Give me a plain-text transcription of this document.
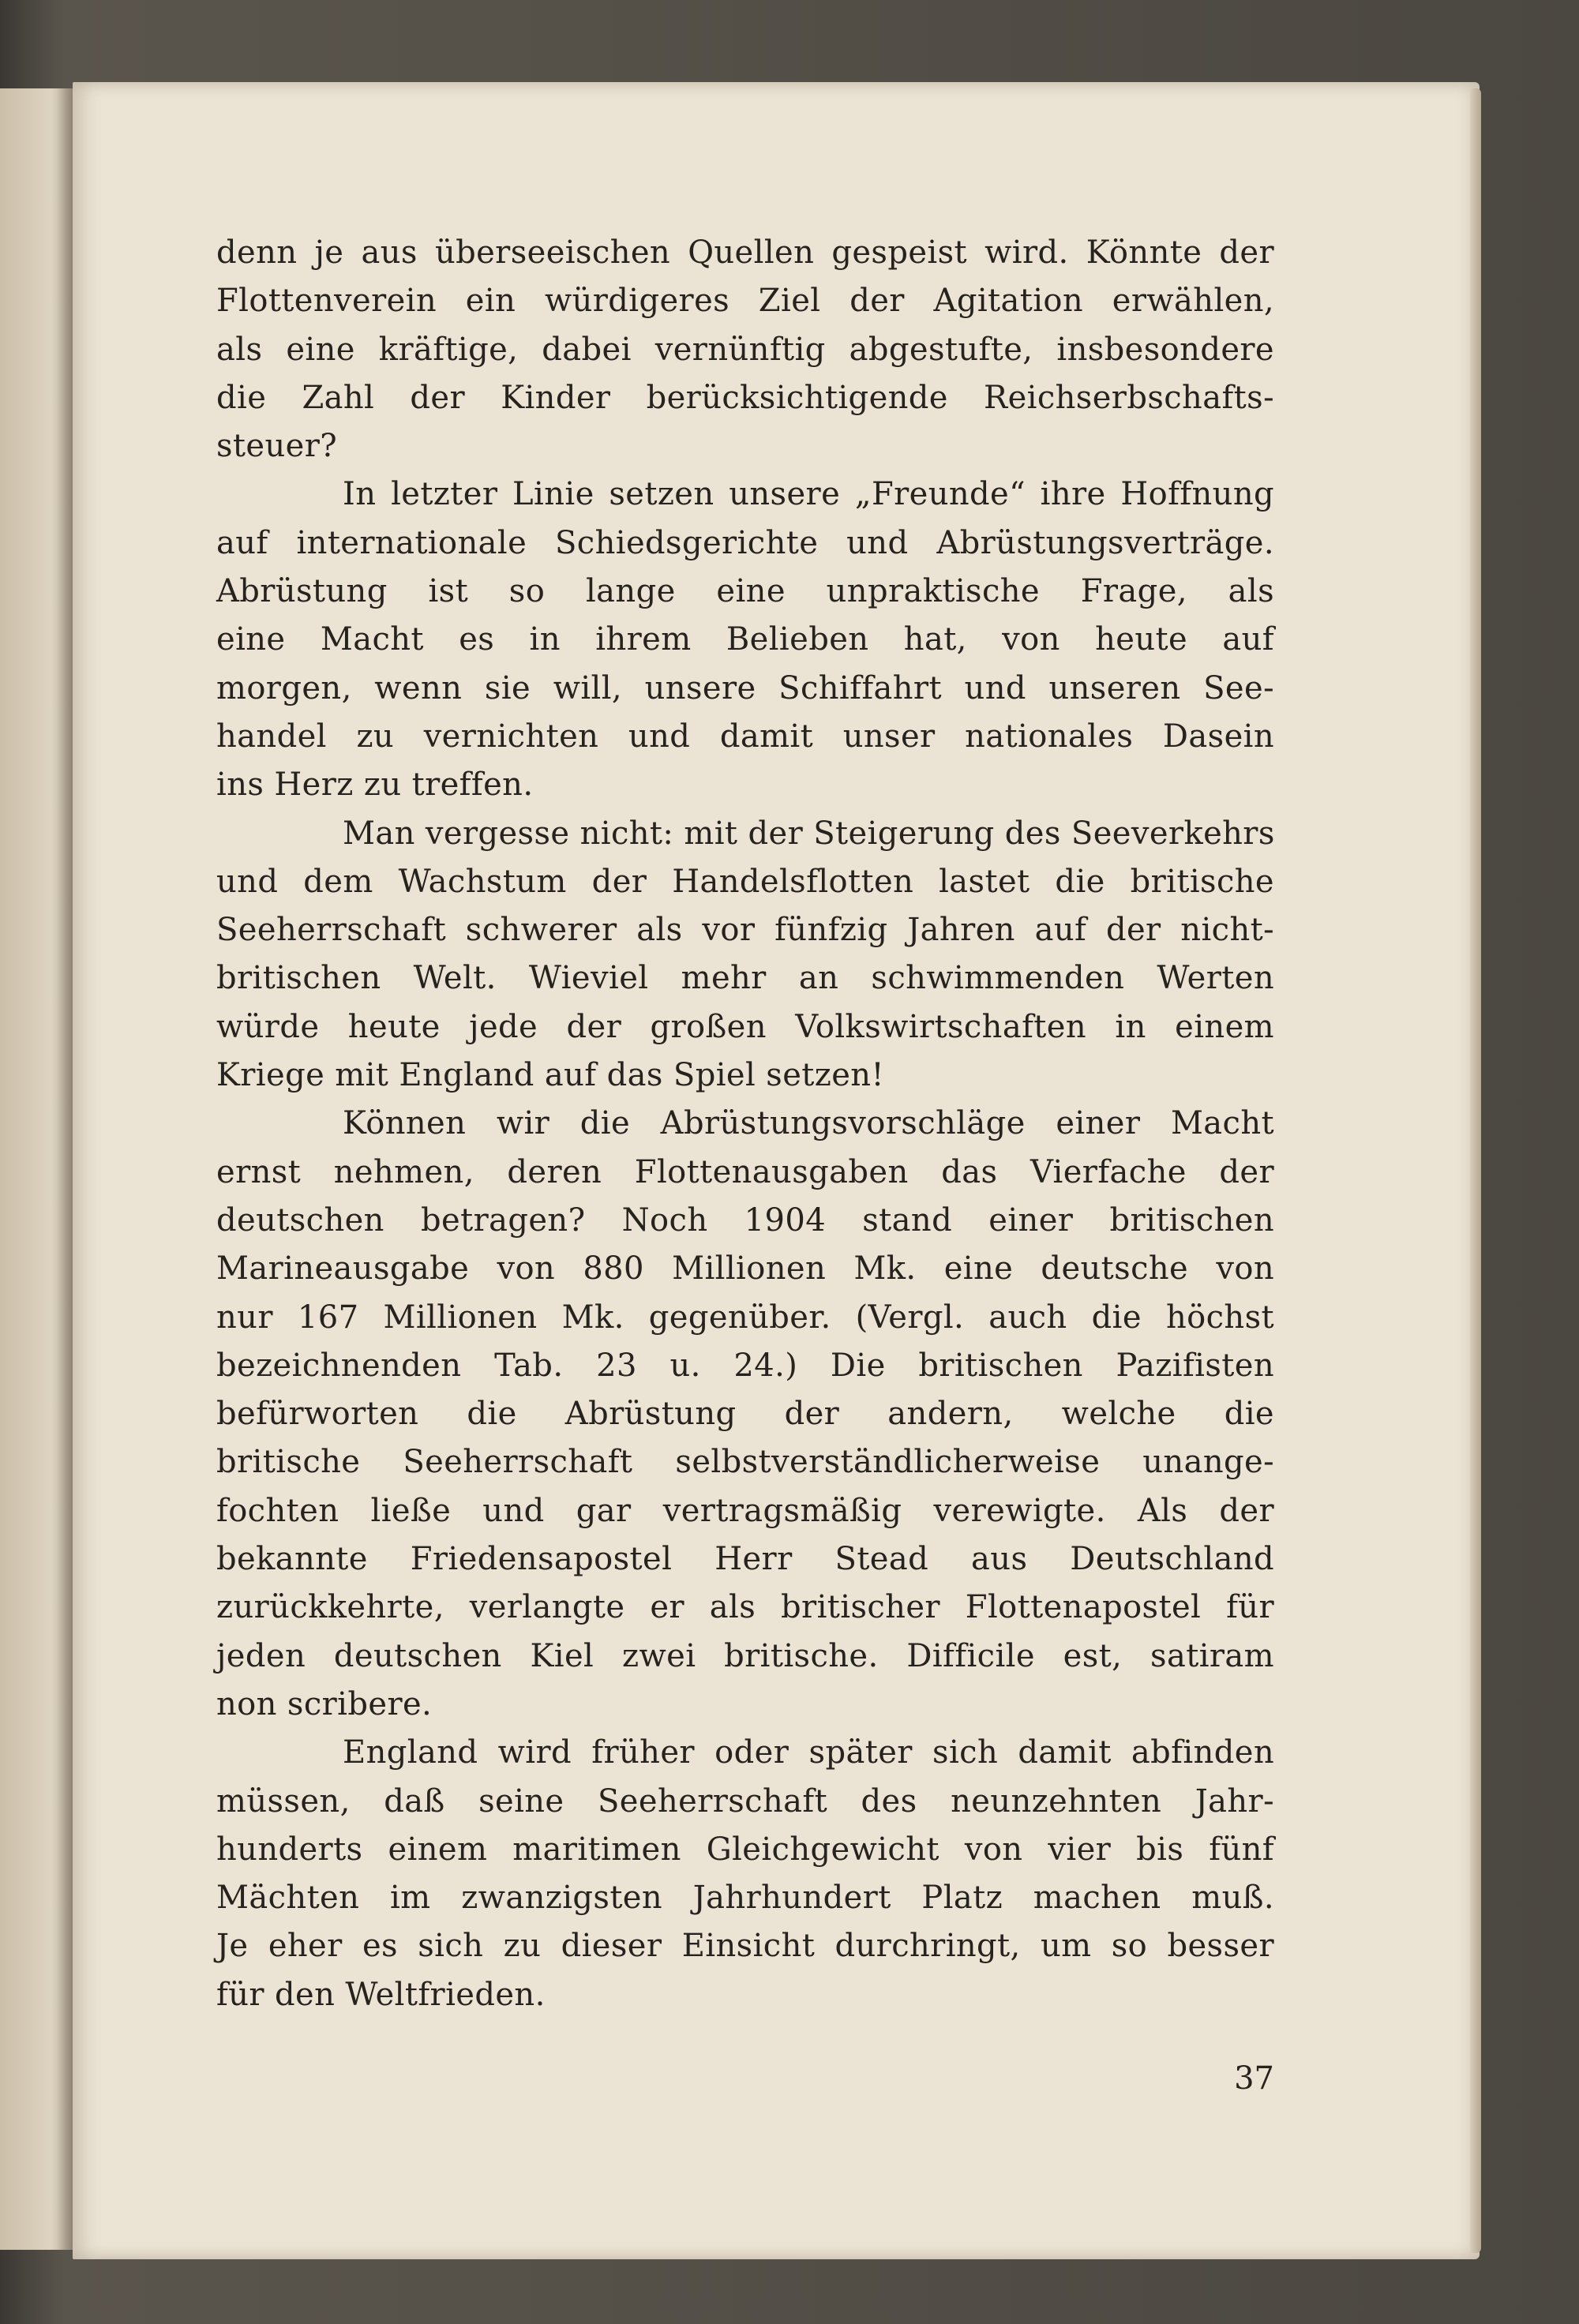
denn je aus überseeischen Quellen gespeist wird. Könnte der
Flottenverein ein würdigeres Ziel der Agitation erwählen,
als eine kräftige, dabei vernünftig abgestufte, insbesondere
die Zahl der Kinder berücksichtigende Reichserbschafts-
steuer?
In letzter Linie setzen unsere „Freunde“ ihre Hoffnung
auf internationale Schiedsgerichte und Abrüstungsverträge.
Abrüstung ist so lange eine unpraktische Frage, als
eine Macht es in ihrem Belieben hat, von heute auf
morgen, wenn sie will, unsere Schiffahrt und unseren See-
handel zu vernichten und damit unser nationales Dasein
ins Herz zu treffen.
Man vergesse nicht: mit der Steigerung des Seeverkehrs
und dem Wachstum der Handelsflotten lastet die britische
Seeherrschaft schwerer als vor fünfzig Jahren auf der nicht-
britischen Welt. Wieviel mehr an schwimmenden Werten
würde heute jede der großen Volkswirtschaften in einem
Kriege mit England auf das Spiel setzen!
Können wir die Abrüstungsvorschläge einer Macht
ernst nehmen, deren Flottenausgaben das Vierfache der
deutschen betragen? Noch 1904 stand einer britischen
Marineausgabe von 880 Millionen Mk. eine deutsche von
nur 167 Millionen Mk. gegenüber. (Vergl. auch die höchst
bezeichnenden Tab. 23 u. 24.) Die britischen Pazifisten
befürworten die Abrüstung der andern, welche die
britische Seeherrschaft selbstverständlicherweise unange-
fochten ließe und gar vertragsmäßig verewigte. Als der
bekannte Friedensapostel Herr Stead aus Deutschland
zurückkehrte, verlangte er als britischer Flottenapostel für
jeden deutschen Kiel zwei britische. Difficile est, satiram
non scribere.
England wird früher oder später sich damit abfinden
müssen, daß seine Seeherrschaft des neunzehnten Jahr-
hunderts einem maritimen Gleichgewicht von vier bis fünf
Mächten im zwanzigsten Jahrhundert Platz machen muß.
Je eher es sich zu dieser Einsicht durchringt, um so besser
für den Weltfrieden.
37
